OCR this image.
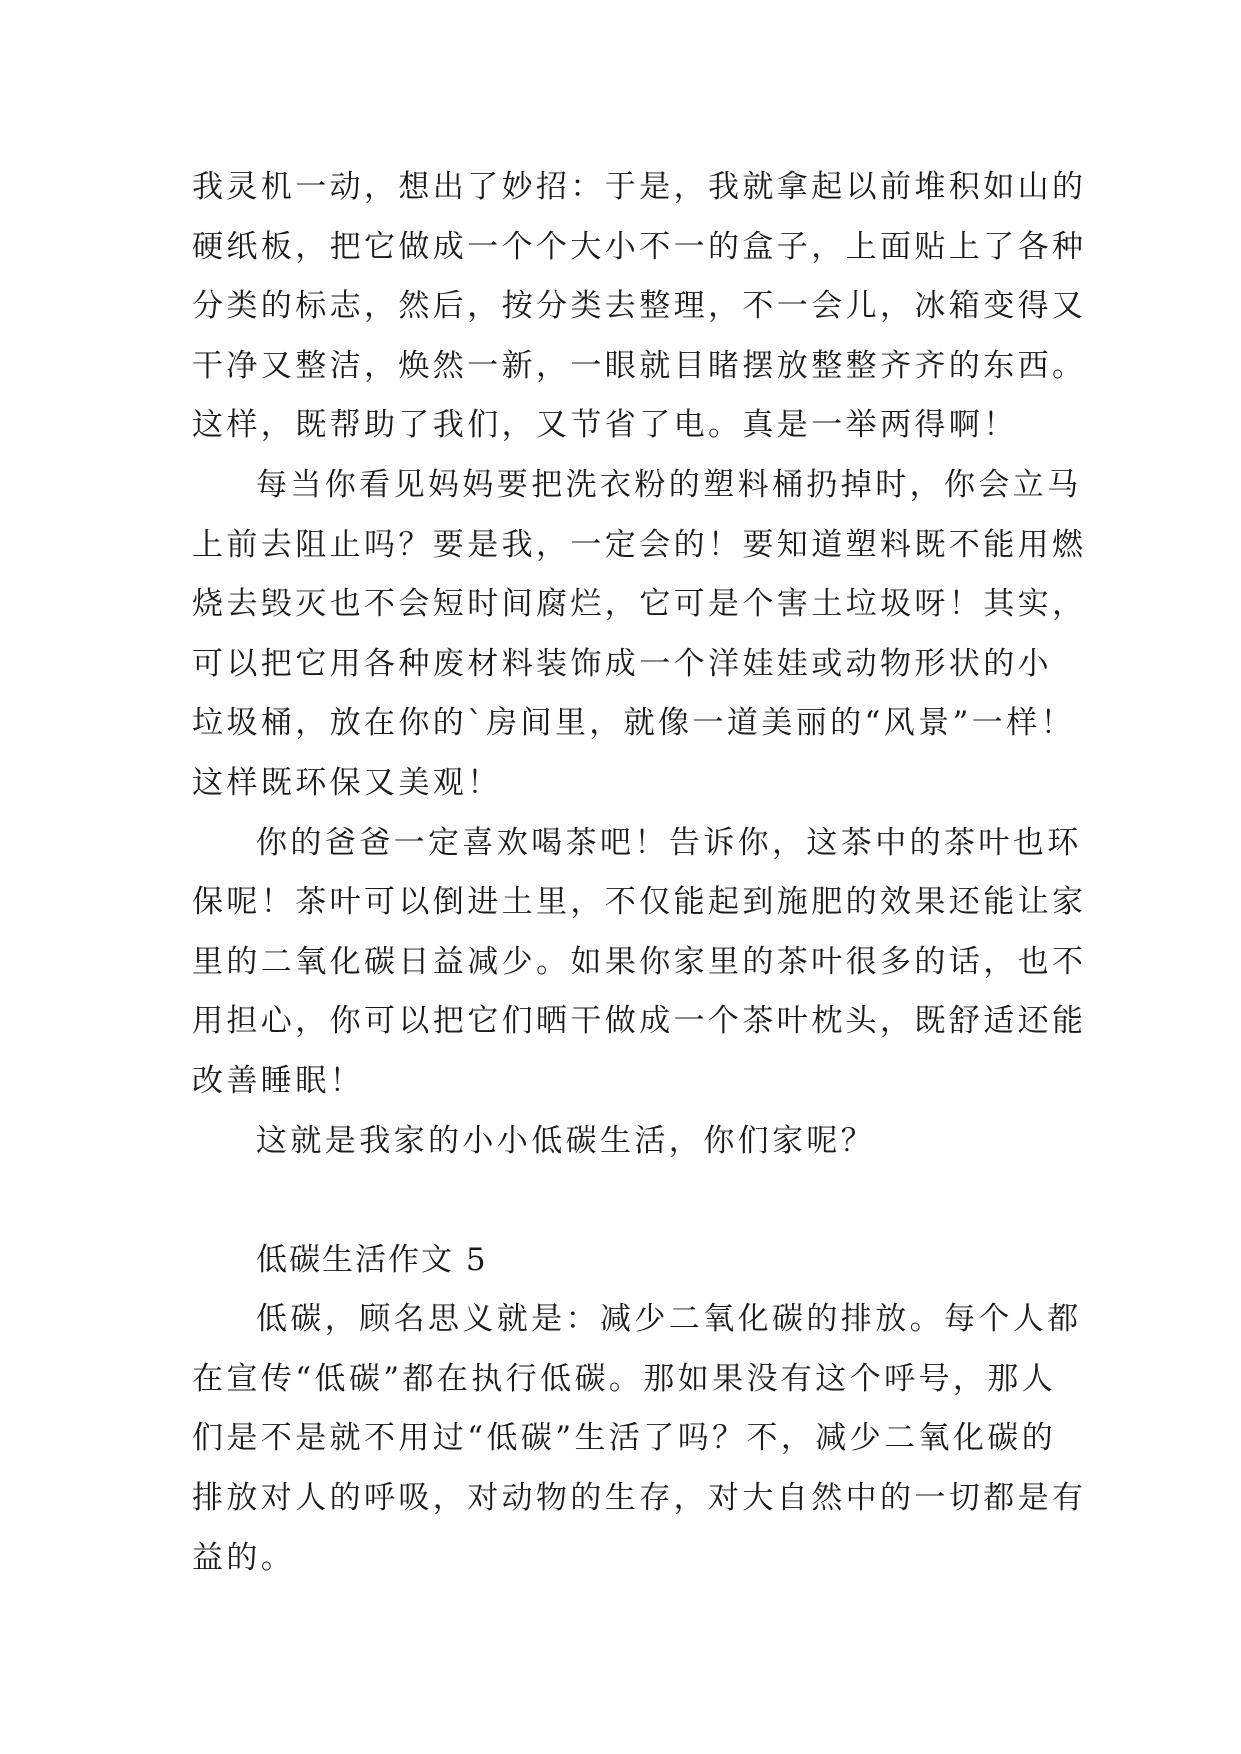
我灵机一动，想出了妙招：于是，我就拿起以前堆积如山的
硬纸板，把它做成一个个大小不一的盒子，上面贴上了各种
分类的标志，然后，按分类去整理，不一会儿，冰箱变得又
干净又整洁，焕然一新，一眼就目睹摆放整整齐齐的东西。
这样，既帮助了我们，又节省了电。真是一举两得啊！
每当你看见妈妈要把洗衣粉的塑料桶扔掉时，你会立马
上前去阻止吗？要是我，一定会的！要知道塑料既不能用燃
烧去毁灭也不会短时间腐烂，它可是个害土垃圾呀！其实，
可以把它用各种废材料装饰成一个洋娃娃或动物形状的小
垃圾桶，放在你的`房间里，就像一道美丽的“风景”一样！
这样既环保又美观！
你的爸爸一定喜欢喝茶吧！告诉你，这茶中的茶叶也环
保呢！茶叶可以倒进土里，不仅能起到施肥的效果还能让家
里的二氧化碳日益减少。如果你家里的茶叶很多的话，也不
用担心，你可以把它们晒干做成一个茶叶枕头，既舒适还能
改善睡眠！
这就是我家的小小低碳生活，你们家呢？
低碳生活作文 5
低碳，顾名思义就是：减少二氧化碳的排放。每个人都
在宣传“低碳”都在执行低碳。那如果没有这个呼号，那人
们是不是就不用过“低碳”生活了吗？不，减少二氧化碳的
排放对人的呼吸，对动物的生存，对大自然中的一切都是有
益的。
